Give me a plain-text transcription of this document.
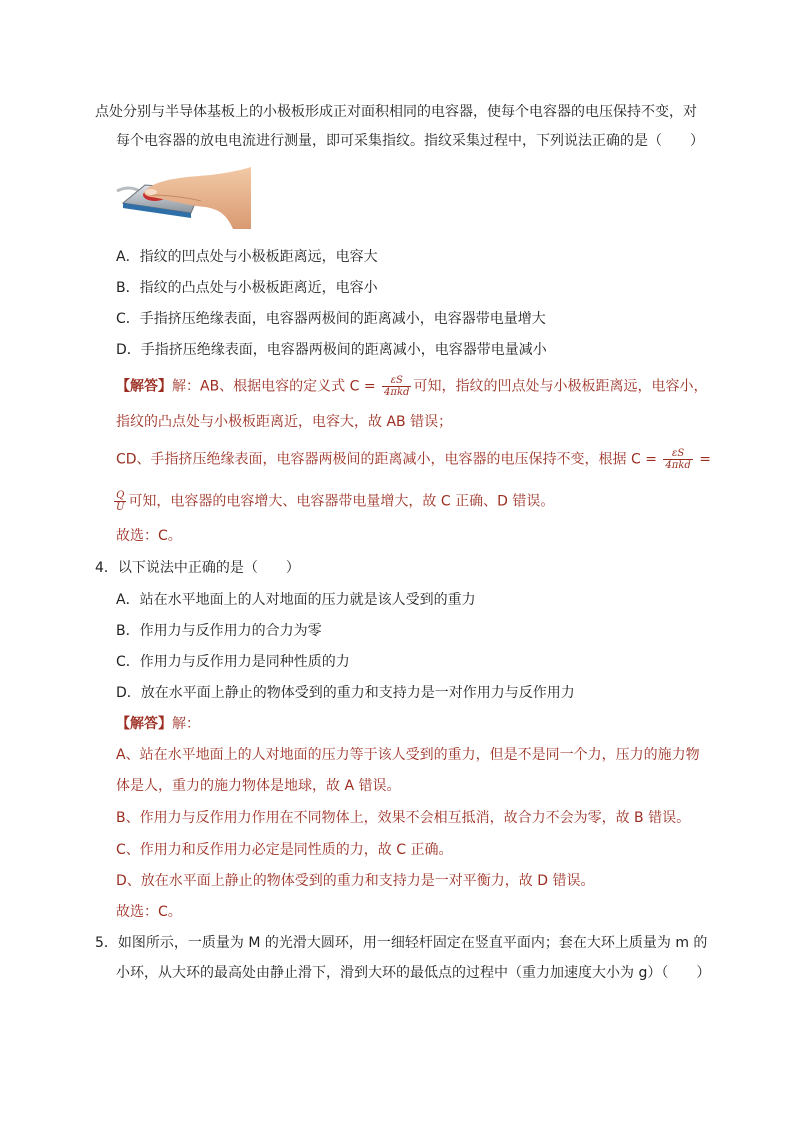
点处分别与半导体基板上的小极板形成正对面积相同的电容器，使每个电容器的电压保持不变，对
每个电容器的放电电流进行测量，即可采集指纹。指纹采集过程中，下列说法正确的是（　　）
A．指纹的凹点处与小极板距离远，电容大
B．指纹的凸点处与小极板距离近，电容小
C．手指挤压绝缘表面，电容器两极间的距离减小，电容器带电量增大
D．手指挤压绝缘表面，电容器两极间的距离减小，电容器带电量减小
【解答】解：AB、根据电容的定义式 $C = \frac{\varepsilon S}{\text{4πkd}}$ 可知，指纹的凹点处与小极板距离远，电容小，
指纹的凸点处与小极板距离近，电容大，故 AB 错误；
CD、手指挤压绝缘表面，电容器两极间的距离减小，电容器的电压保持不变，根据 $C = \frac{\varepsilon S}{\text{4πkd}}$ =
$\frac{Q}{U}$ 可知，电容器的电容增大、电容器带电量增大，故 C 正确、D 错误。
故选：C。
4．以下说法中正确的是（　　）
A．站在水平地面上的人对地面的压力就是该人受到的重力
B．作用力与反作用力的合力为零
C．作用力与反作用力是同种性质的力
D．放在水平面上静止的物体受到的重力和支持力是一对作用力与反作用力
【解答】解：
A、站在水平地面上的人对地面的压力等于该人受到的重力，但是不是同一个力，压力的施力物
体是人，重力的施力物体是地球，故 A 错误。
B、作用力与反作用力作用在不同物体上，效果不会相互抵消，故合力不会为零，故 B 错误。
C、作用力和反作用力必定是同性质的力，故 C 正确。
D、放在水平面上静止的物体受到的重力和支持力是一对平衡力，故 D 错误。
故选：C。
5．如图所示，一质量为 M 的光滑大圆环，用一细轻杆固定在竖直平面内；套在大环上质量为 m 的
小环，从大环的最高处由静止滑下，滑到大环的最低点的过程中（重力加速度大小为 g）（　　）
